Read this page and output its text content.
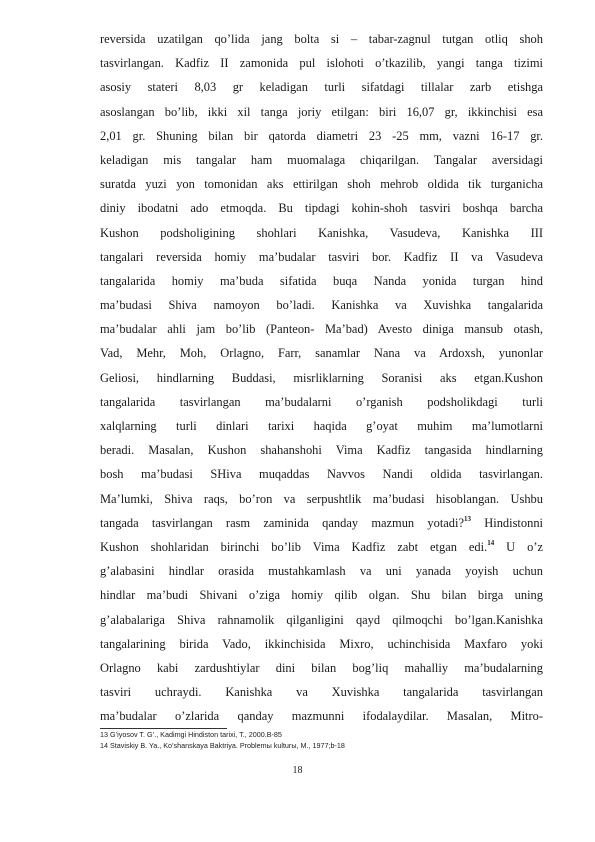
reversida uzatilgan qo’lida jang bolta si – tabar-zagnul tutgan otliq shoh
tasvirlangan. Kadfiz II zamonida pul islohoti o’tkazilib, yangi tanga tizimi
asosiy stateri 8,03 gr keladigan turli sifatdagi tillalar zarb etishga
asoslangan bo’lib, ikki xil tanga joriy etilgan: biri 16,07 gr, ikkinchisi esa
2,01 gr. Shuning bilan bir qatorda diametri 23 -25 mm, vazni 16-17 gr.
keladigan mis tangalar ham muomalaga chiqarilgan. Tangalar aversidagi
suratda yuzi yon tomonidan aks ettirilgan shoh mehrob oldida tik turganicha
diniy ibodatni ado etmoqda. Bu tipdagi kohin-shoh tasviri boshqa barcha
Kushon podsholigining shohlari Kanishka, Vasudeva, Kanishka III
tangalari reversida homiy ma’budalar tasviri bor. Kadfiz II va Vasudeva
tangalarida homiy ma’buda sifatida buqa Nanda yonida turgan hind
ma’budasi Shiva namoyon bo’ladi. Kanishka va Xuvishka tangalarida
ma’budalar ahli jam bo’lib (Panteon- Ma’bad) Avesto diniga mansub otash,
Vad, Mehr, Moh, Orlagno, Farr, sanamlar Nana va Ardoxsh, yunonlar
Geliosi, hindlarning Buddasi, misrliklarning Soranisi aks etgan.Kushon
tangalarida tasvirlangan ma’budalarni o’rganish podsholikdagi turli
xalqlarning turli dinlari tarixi haqida g’oyat muhim ma’lumotlarni
beradi. Masalan, Kushon shahanshohi Vima Kadfiz tangasida hindlarning
bosh ma’budasi SHiva muqaddas Navvos Nandi oldida tasvirlangan.
Ma’lumki, Shiva raqs, bo’ron va serpushtlik ma’budasi hisoblangan. Ushbu
tangada tasvirlangan rasm zaminida qanday mazmun yotadi?$^{13}$ Hindistonni
Kushon shohlaridan birinchi bo’lib Vima Kadfiz zabt etgan edi.$^{14}$ U o’z
g’alabasini hindlar orasida mustahkamlash va uni yanada yoyish uchun
hindlar ma’budi Shivani o’ziga homiy qilib olgan. Shu bilan birga uning
g’alabalariga Shiva rahnamolik qilganligini qayd qilmoqchi bo’lgan.Kanishka
tangalarining birida Vado, ikkinchisida Mixro, uchinchisida Maxfaro yoki
Orlagno kabi zardushtiylar dini bilan bog’liq mahalliy ma’budalarning
tasviri uchraydi. Kanishka va Xuvishka tangalarida tasvirlangan
ma’budalar o’zlarida qanday mazmunni ifodalaydilar. Masalan, Mitro-
13 G’iyosov T. G’., Kadimgi Hindiston tarixi, T., 2000.B-85
14 Staviskiy B. Ya., Ko’shanskaya Baktriya. Problemы kulturы, M., 1977;b-18
18
